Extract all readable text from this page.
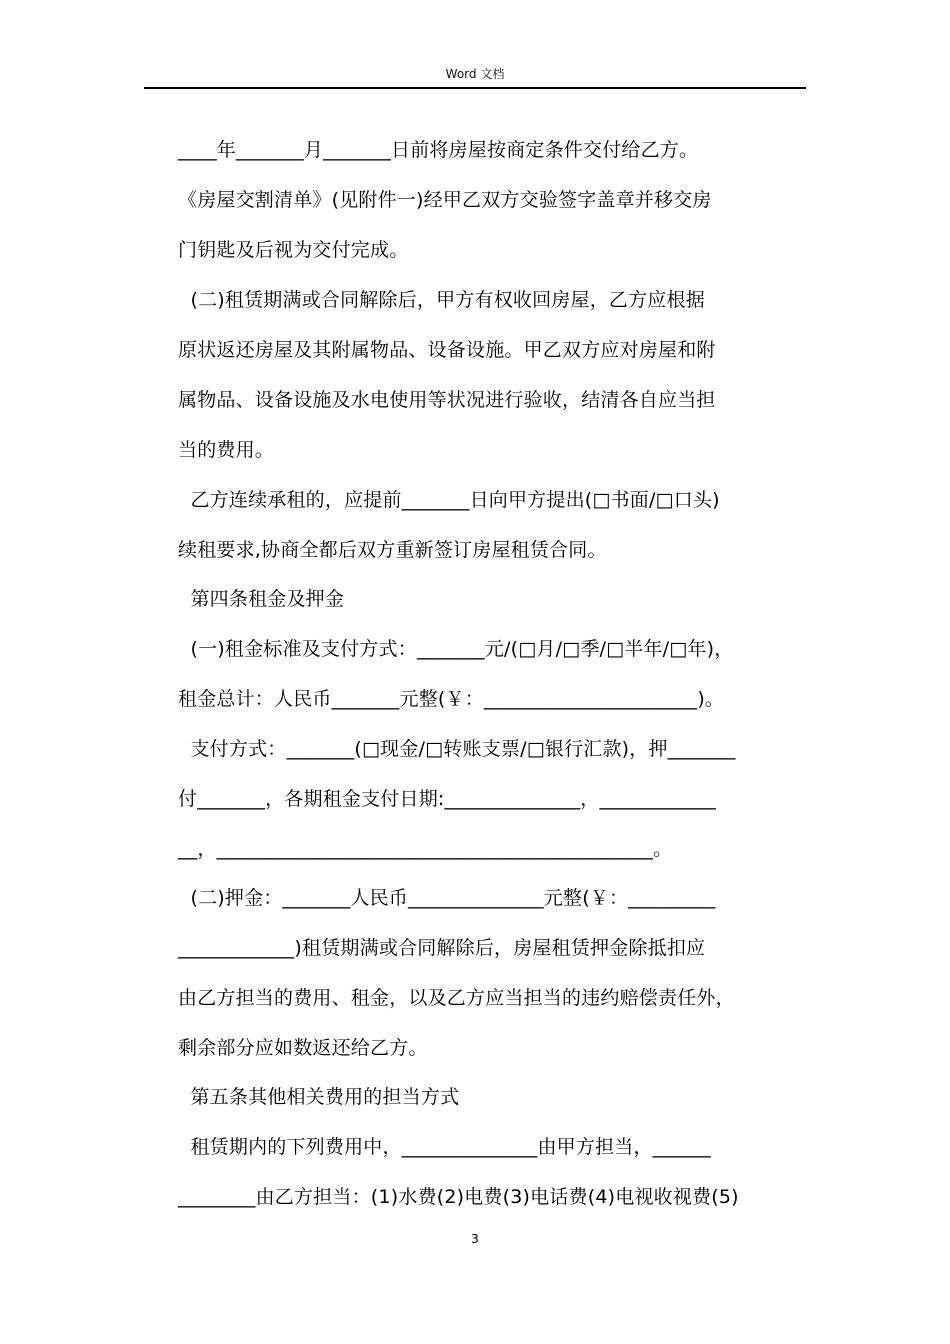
Word 文档
____年_______月_______日前将房屋按商定条件交付给乙方。
《房屋交割清单》(见附件一)经甲乙双方交验签字盖章并移交房
门钥匙及后视为交付完成。
(二)租赁期满或合同解除后，甲方有权收回房屋，乙方应根据
原状返还房屋及其附属物品、设备设施。甲乙双方应对房屋和附
属物品、设备设施及水电使用等状况进行验收，结清各自应当担
当的费用。
乙方连续承租的，应提前_______日向甲方提出(□书面/□口头)
续租要求,协商全都后双方重新签订房屋租赁合同。
第四条租金及押金
(一)租金标准及支付方式：_______元/(□月/□季/□半年/□年)，
租金总计：人民币_______元整(￥：______________________)。
支付方式：_______(□现金/□转账支票/□银行汇款)，押_______
付_______，各期租金支付日期:______________，____________
__，_____________________________________________。
(二)押金：_______人民币______________元整(￥：_________
____________)租赁期满或合同解除后，房屋租赁押金除抵扣应
由乙方担当的费用、租金，以及乙方应当担当的违约赔偿责任外，
剩余部分应如数返还给乙方。
第五条其他相关费用的担当方式
租赁期内的下列费用中，______________由甲方担当，______
________由乙方担当：(1)水费(2)电费(3)电话费(4)电视收视费(5)
3
